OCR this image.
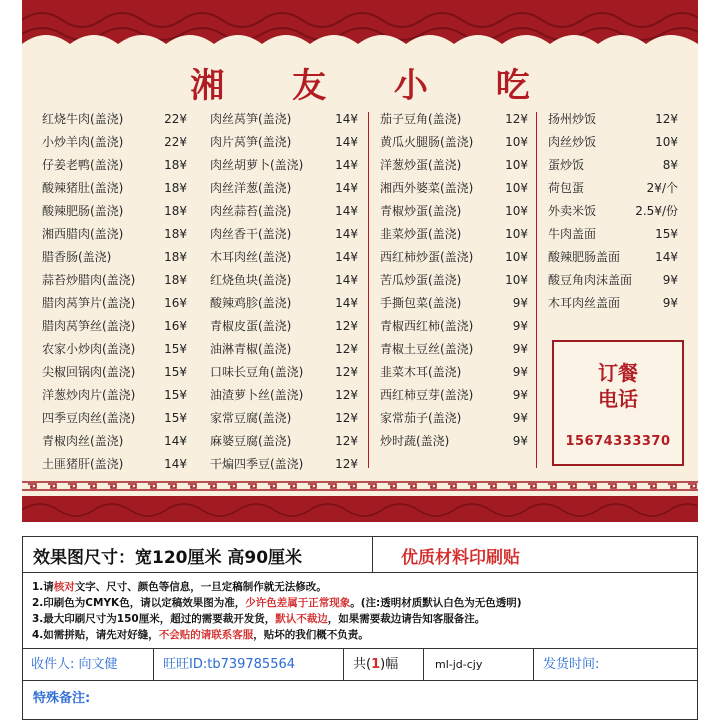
湘 友 小 吃
红烧牛肉(盖浇)	22¥
小炒羊肉(盖浇)	22¥
仔姜老鸭(盖浇)	18¥
酸辣猪肚(盖浇)	18¥
酸辣肥肠(盖浇)	18¥
湘西腊肉(盖浇)	18¥
腊香肠(盖浇)	18¥
蒜苔炒腊肉(盖浇) 18¥
腊肉莴笋片(盖浇) 16¥
腊肉莴笋丝(盖浇) 16¥
农家小炒肉(盖浇) 15¥
尖椒回锅肉(盖浇) 15¥
洋葱炒肉片(盖浇) 15¥
四季豆肉丝(盖浇) 15¥
青椒肉丝(盖浇)	14¥
土匪猪肝(盖浇)	14¥
肉丝莴笋(盖浇)	14¥
肉片莴笋(盖浇)	14¥
肉丝胡萝卜(盖浇)	14¥
肉丝洋葱(盖浇)	14¥
肉丝蒜苔(盖浇)	14¥
肉丝香干(盖浇)	14¥
木耳肉丝(盖浇)	14¥
红烧鱼块(盖浇)	14¥
酸辣鸡胗(盖浇)	14¥
青椒皮蛋(盖浇)	12¥
油淋青椒(盖浇)	12¥
口味长豆角(盖浇)	12¥
油渣萝卜丝(盖浇)	12¥
家常豆腐(盖浇)	12¥
麻婆豆腐(盖浇)	12¥
干煸四季豆(盖浇)	12¥
茄子豆角(盖浇)	12¥
黄瓜火腿肠(盖浇)	10¥
洋葱炒蛋(盖浇)	10¥
湘西外婆菜(盖浇)	10¥
青椒炒蛋(盖浇)	10¥
韭菜炒蛋(盖浇)	10¥
西红柿炒蛋(盖浇)	10¥
苦瓜炒蛋(盖浇)	10¥
手撕包菜(盖浇)	9¥
青椒西红柿(盖浇)	9¥
青椒土豆丝(盖浇)	9¥
韭菜木耳(盖浇)	9¥
西红柿豆芽(盖浇)	9¥
家常茄子(盖浇)	9¥
炒时蔬(盖浇)	9¥
扬州炒饭	12¥
肉丝炒饭	10¥
蛋炒饭	8¥
荷包蛋	2¥/个
外卖米饭	2.5¥/份
牛肉盖面	15¥
酸辣肥肠盖面	14¥
酸豆角肉沫盖面	9¥
木耳肉丝盖面	9¥
订餐
电话
15674333370
效果图尺寸：宽120厘米 高90厘米	优质材料印刷贴
1.请核对文字、尺寸、颜色等信息，一旦定稿制作就无法修改。
2.印刷色为CMYK色，请以定稿效果图为准，少许色差属于正常现象。(注:透明材质默认白色为无色透明)
3.最大印刷尺寸为150厘米，超过的需要裁开发货，默认不裁边，如果需要裁边请告知客服备注。
4.如需拼贴，请先对好缝，不会贴的请联系客服，贴坏的我们概不负责。
收件人: 向文健	旺旺ID:tb739785564	共(1)幅	ml-jd-cjy	发货时间:
特殊备注:
